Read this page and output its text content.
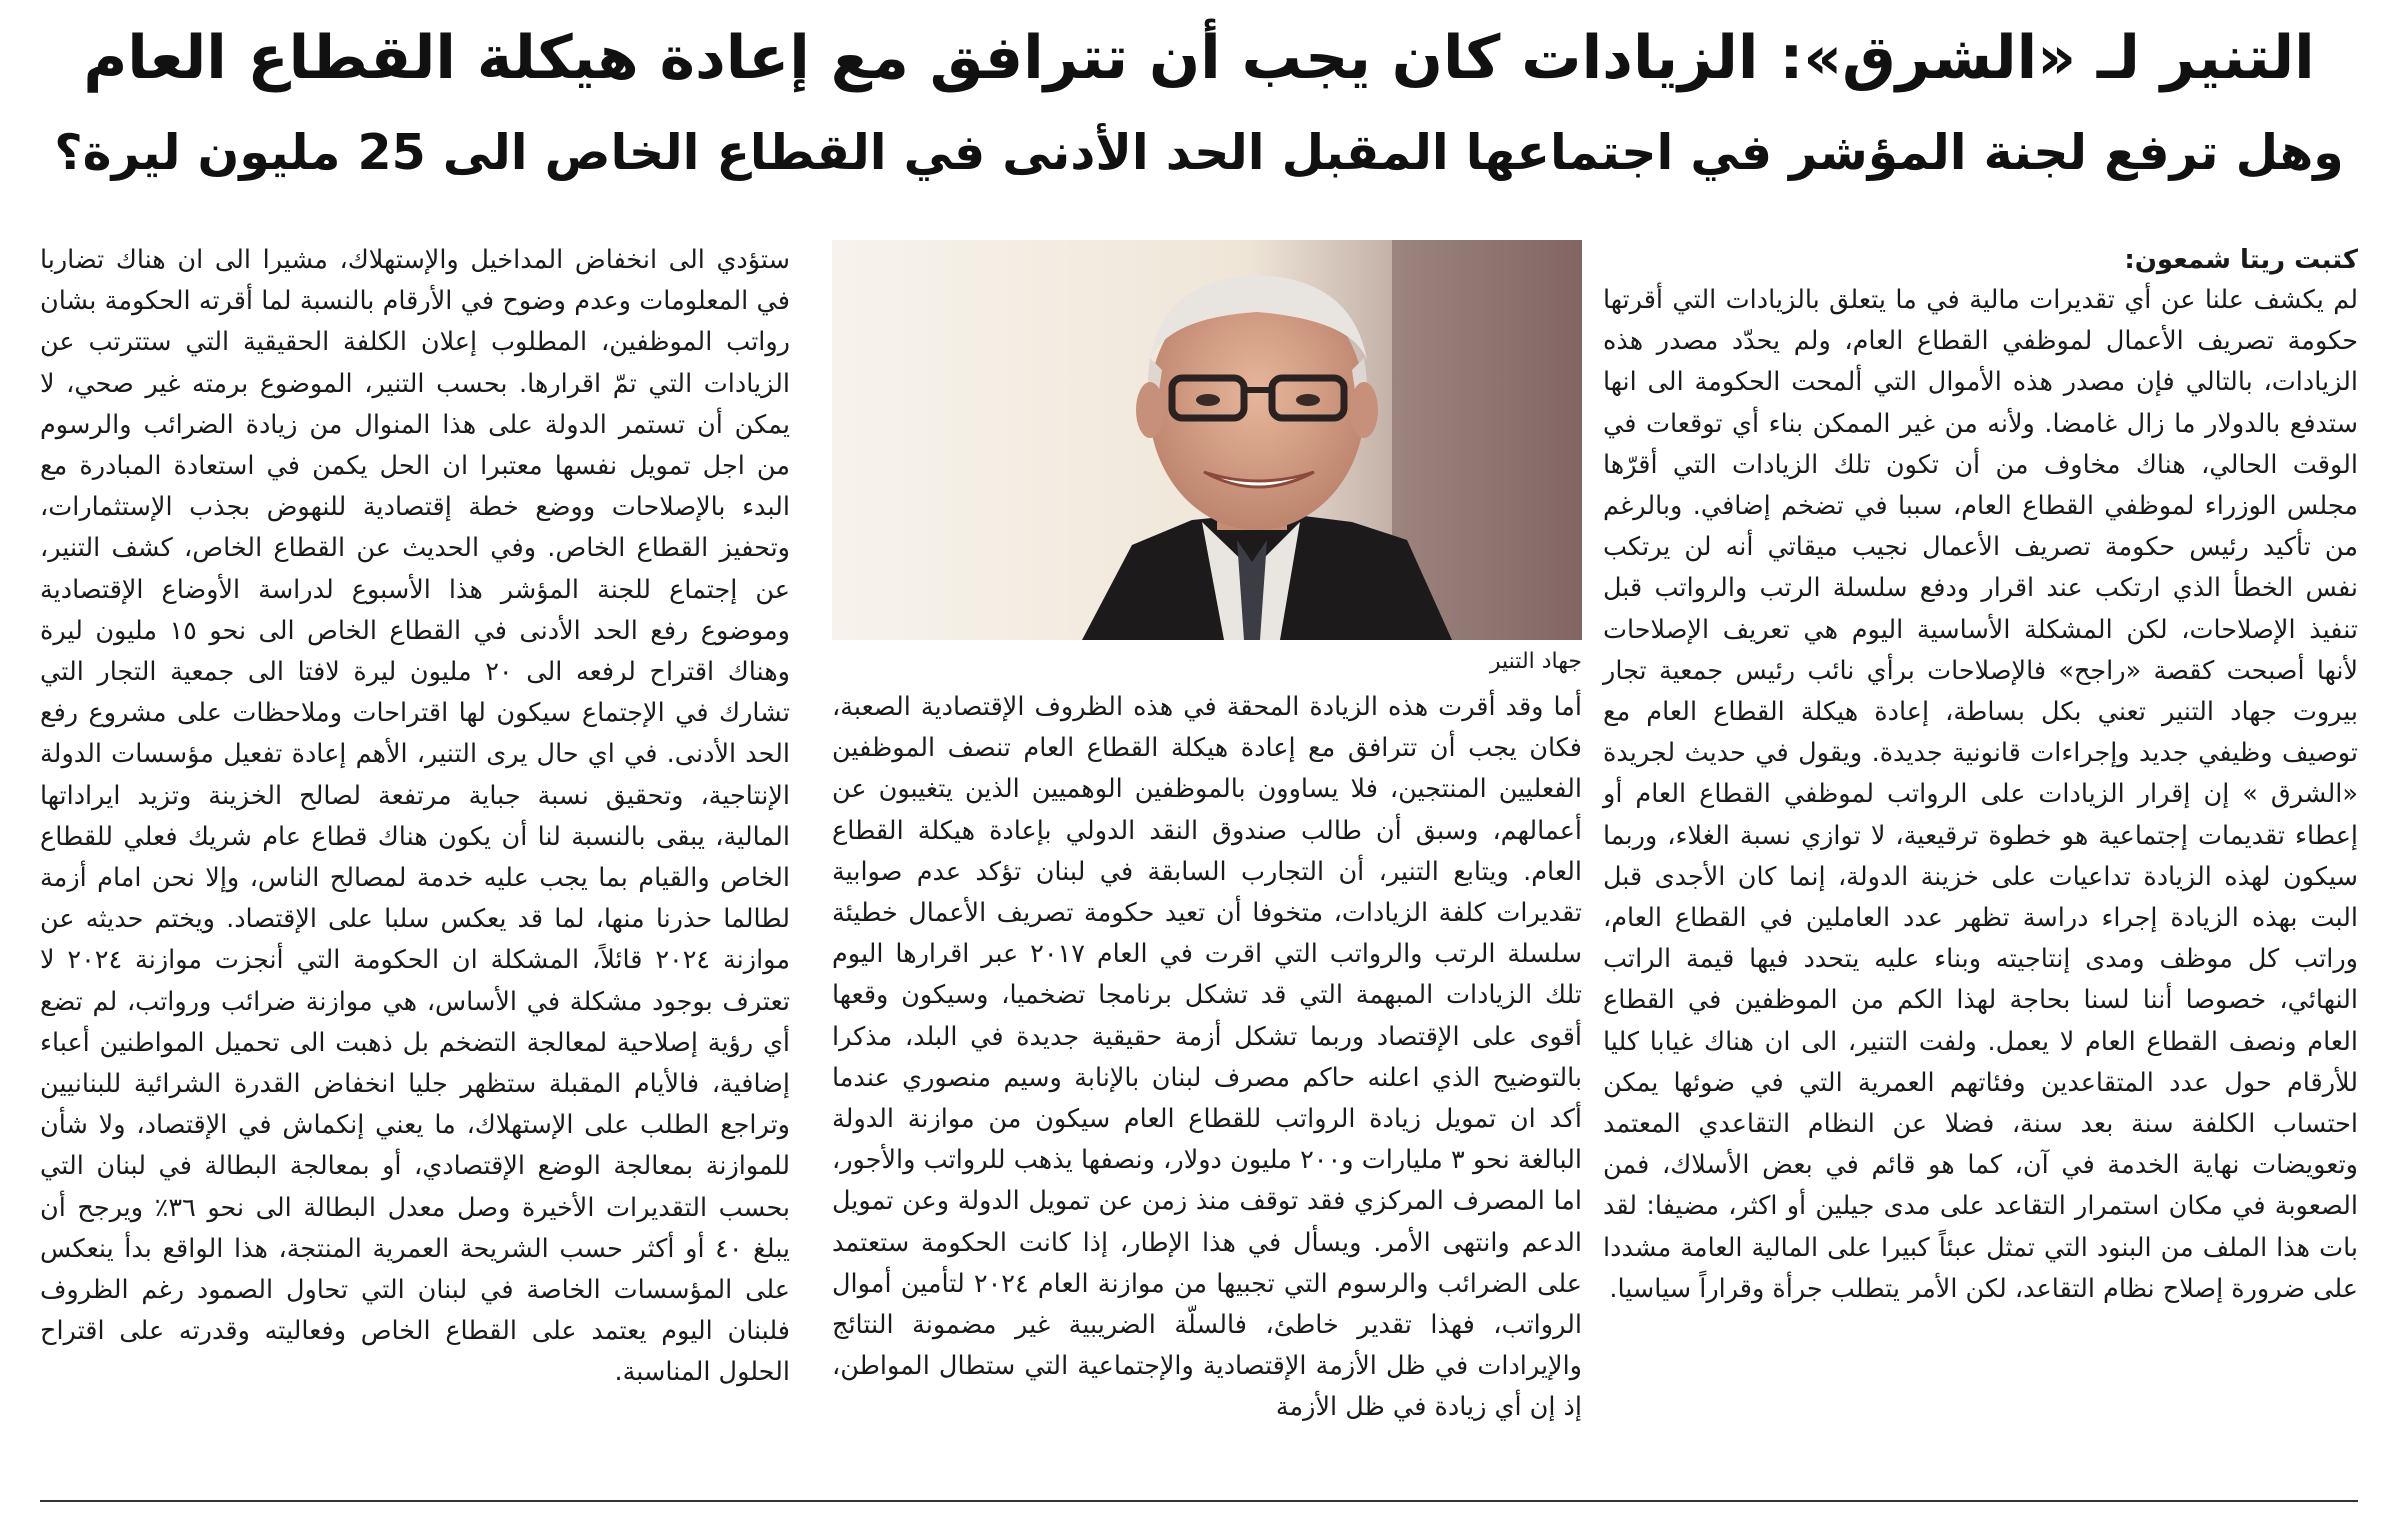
التنير لـ «الشرق»: الزيادات كان يجب أن تترافق مع إعادة هيكلة القطاع العام
وهل ترفع لجنة المؤشر في اجتماعها المقبل الحد الأدنى في القطاع الخاص الى 25 مليون ليرة؟
كتبت ريتا شمعون:

لم يكشف علنا عن أي تقديرات مالية في ما يتعلق بالزيادات التي أقرتها حكومة تصريف الأعمال لموظفي القطاع العام، ولم يحدّد مصدر هذه الزيادات، بالتالي فإن مصدر هذه الأموال التي ألمحت الحكومة الى انها ستدفع بالدولار ما زال غامضا. ولأنه من غير الممكن بناء أي توقعات في الوقت الحالي، هناك مخاوف من أن تكون تلك الزيادات التي أقرّها مجلس الوزراء لموظفي القطاع العام، سببا في تضخم إضافي. وبالرغم من تأكيد رئيس حكومة تصريف الأعمال نجيب ميقاتي أنه لن يرتكب نفس الخطأ الذي ارتكب عند اقرار ودفع سلسلة الرتب والرواتب قبل تنفيذ الإصلاحات، لكن المشكلة الأساسية اليوم هي تعريف الإصلاحات لأنها أصبحت كقصة «راجح» فالإصلاحات برأي نائب رئيس جمعية تجار بيروت جهاد التنير تعني بكل بساطة، إعادة هيكلة القطاع العام مع توصيف وظيفي جديد وإجراءات قانونية جديدة. ويقول في حديث لجريدة «الشرق » إن إقرار الزيادات على الرواتب لموظفي القطاع العام أو إعطاء تقديمات إجتماعية هو خطوة ترقيعية، لا توازي نسبة الغلاء، وربما سيكون لهذه الزيادة تداعيات على خزينة الدولة، إنما كان الأجدى قبل البت بهذه الزيادة إجراء دراسة تظهر عدد العاملين في القطاع العام، وراتب كل موظف ومدى إنتاجيته وبناء عليه يتحدد فيها قيمة الراتب النهائي، خصوصا أننا لسنا بحاجة لهذا الكم من الموظفين في القطاع العام ونصف القطاع العام لا يعمل. ولفت التنير، الى ان هناك غيابا كليا للأرقام حول عدد المتقاعدين وفئاتهم العمرية التي في ضوئها يمكن احتساب الكلفة سنة بعد سنة، فضلا عن النظام التقاعدي المعتمد وتعويضات نهاية الخدمة في آن، كما هو قائم في بعض الأسلاك، فمن الصعوبة في مكان استمرار التقاعد على مدى جيلين أو اكثر، مضيفا: لقد بات هذا الملف من البنود التي تمثل عبئاً كبيرا على المالية العامة مشددا على ضرورة إصلاح نظام التقاعد، لكن الأمر يتطلب جرأة وقراراً سياسيا.

جهاد التنير

أما وقد أقرت هذه الزيادة المحقة في هذه الظروف الإقتصادية الصعبة، فكان يجب أن تترافق مع إعادة هيكلة القطاع العام تنصف الموظفين الفعليين المنتجين، فلا يساوون بالموظفين الوهميين الذين يتغيبون عن أعمالهم، وسبق أن طالب صندوق النقد الدولي بإعادة هيكلة القطاع العام. ويتابع التنير، أن التجارب السابقة في لبنان تؤكد عدم صوابية تقديرات كلفة الزيادات، متخوفا أن تعيد حكومة تصريف الأعمال خطيئة سلسلة الرتب والرواتب التي اقرت في العام ٢٠١٧ عبر اقرارها اليوم تلك الزيادات المبهمة التي قد تشكل برنامجا تضخميا، وسيكون وقعها أقوى على الإقتصاد وربما تشكل أزمة حقيقية جديدة في البلد، مذكرا بالتوضيح الذي اعلنه حاكم مصرف لبنان بالإنابة وسيم منصوري عندما أكد ان تمويل زيادة الرواتب للقطاع العام سيكون من موازنة الدولة البالغة نحو ٣ مليارات و٢٠٠ مليون دولار، ونصفها يذهب للرواتب والأجور، اما المصرف المركزي فقد توقف منذ زمن عن تمويل الدولة وعن تمويل الدعم وانتهى الأمر. ويسأل في هذا الإطار، إذا كانت الحكومة ستعتمد على الضرائب والرسوم التي تجبيها من موازنة العام ٢٠٢٤ لتأمين أموال الرواتب، فهذا تقدير خاطئ، فالسلّة الضريبية غير مضمونة النتائج والإيرادات في ظل الأزمة الإقتصادية والإجتماعية التي ستطال المواطن، إذ إن أي زيادة في ظل الأزمة

ستؤدي الى انخفاض المداخيل والإستهلاك، مشيرا الى ان هناك تضاربا في المعلومات وعدم وضوح في الأرقام بالنسبة لما أقرته الحكومة بشان رواتب الموظفين، المطلوب إعلان الكلفة الحقيقية التي ستترتب عن الزيادات التي تمّ اقرارها. بحسب التنير، الموضوع برمته غير صحي، لا يمكن أن تستمر الدولة على هذا المنوال من زيادة الضرائب والرسوم من اجل تمويل نفسها معتبرا ان الحل يكمن في استعادة المبادرة مع البدء بالإصلاحات ووضع خطة إقتصادية للنهوض بجذب الإستثمارات، وتحفيز القطاع الخاص. وفي الحديث عن القطاع الخاص، كشف التنير، عن إجتماع للجنة المؤشر هذا الأسبوع لدراسة الأوضاع الإقتصادية وموضوع رفع الحد الأدنى في القطاع الخاص الى نحو ١٥ مليون ليرة وهناك اقتراح لرفعه الى ٢٠ مليون ليرة لافتا الى جمعية التجار التي تشارك في الإجتماع سيكون لها اقتراحات وملاحظات على مشروع رفع الحد الأدنى. في اي حال يرى التنير، الأهم إعادة تفعيل مؤسسات الدولة الإنتاجية، وتحقيق نسبة جباية مرتفعة لصالح الخزينة وتزيد ايراداتها المالية، يبقى بالنسبة لنا أن يكون هناك قطاع عام شريك فعلي للقطاع الخاص والقيام بما يجب عليه خدمة لمصالح الناس، وإلا نحن امام أزمة لطالما حذرنا منها، لما قد يعكس سلبا على الإقتصاد. ويختم حديثه عن موازنة ٢٠٢٤ قائلاً، المشكلة ان الحكومة التي أنجزت موازنة ٢٠٢٤ لا تعترف بوجود مشكلة في الأساس، هي موازنة ضرائب ورواتب، لم تضع أي رؤية إصلاحية لمعالجة التضخم بل ذهبت الى تحميل المواطنين أعباء إضافية، فالأيام المقبلة ستظهر جليا انخفاض القدرة الشرائية للبنانيين وتراجع الطلب على الإستهلاك، ما يعني إنكماش في الإقتصاد، ولا شأن للموازنة بمعالجة الوضع الإقتصادي، أو بمعالجة البطالة في لبنان التي بحسب التقديرات الأخيرة وصل معدل البطالة الى نحو ٣٦٪ ويرجح أن يبلغ ٤٠ أو أكثر حسب الشريحة العمرية المنتجة، هذا الواقع بدأ ينعكس على المؤسسات الخاصة في لبنان التي تحاول الصمود رغم الظروف فلبنان اليوم يعتمد على القطاع الخاص وفعاليته وقدرته على اقتراح الحلول المناسبة.
